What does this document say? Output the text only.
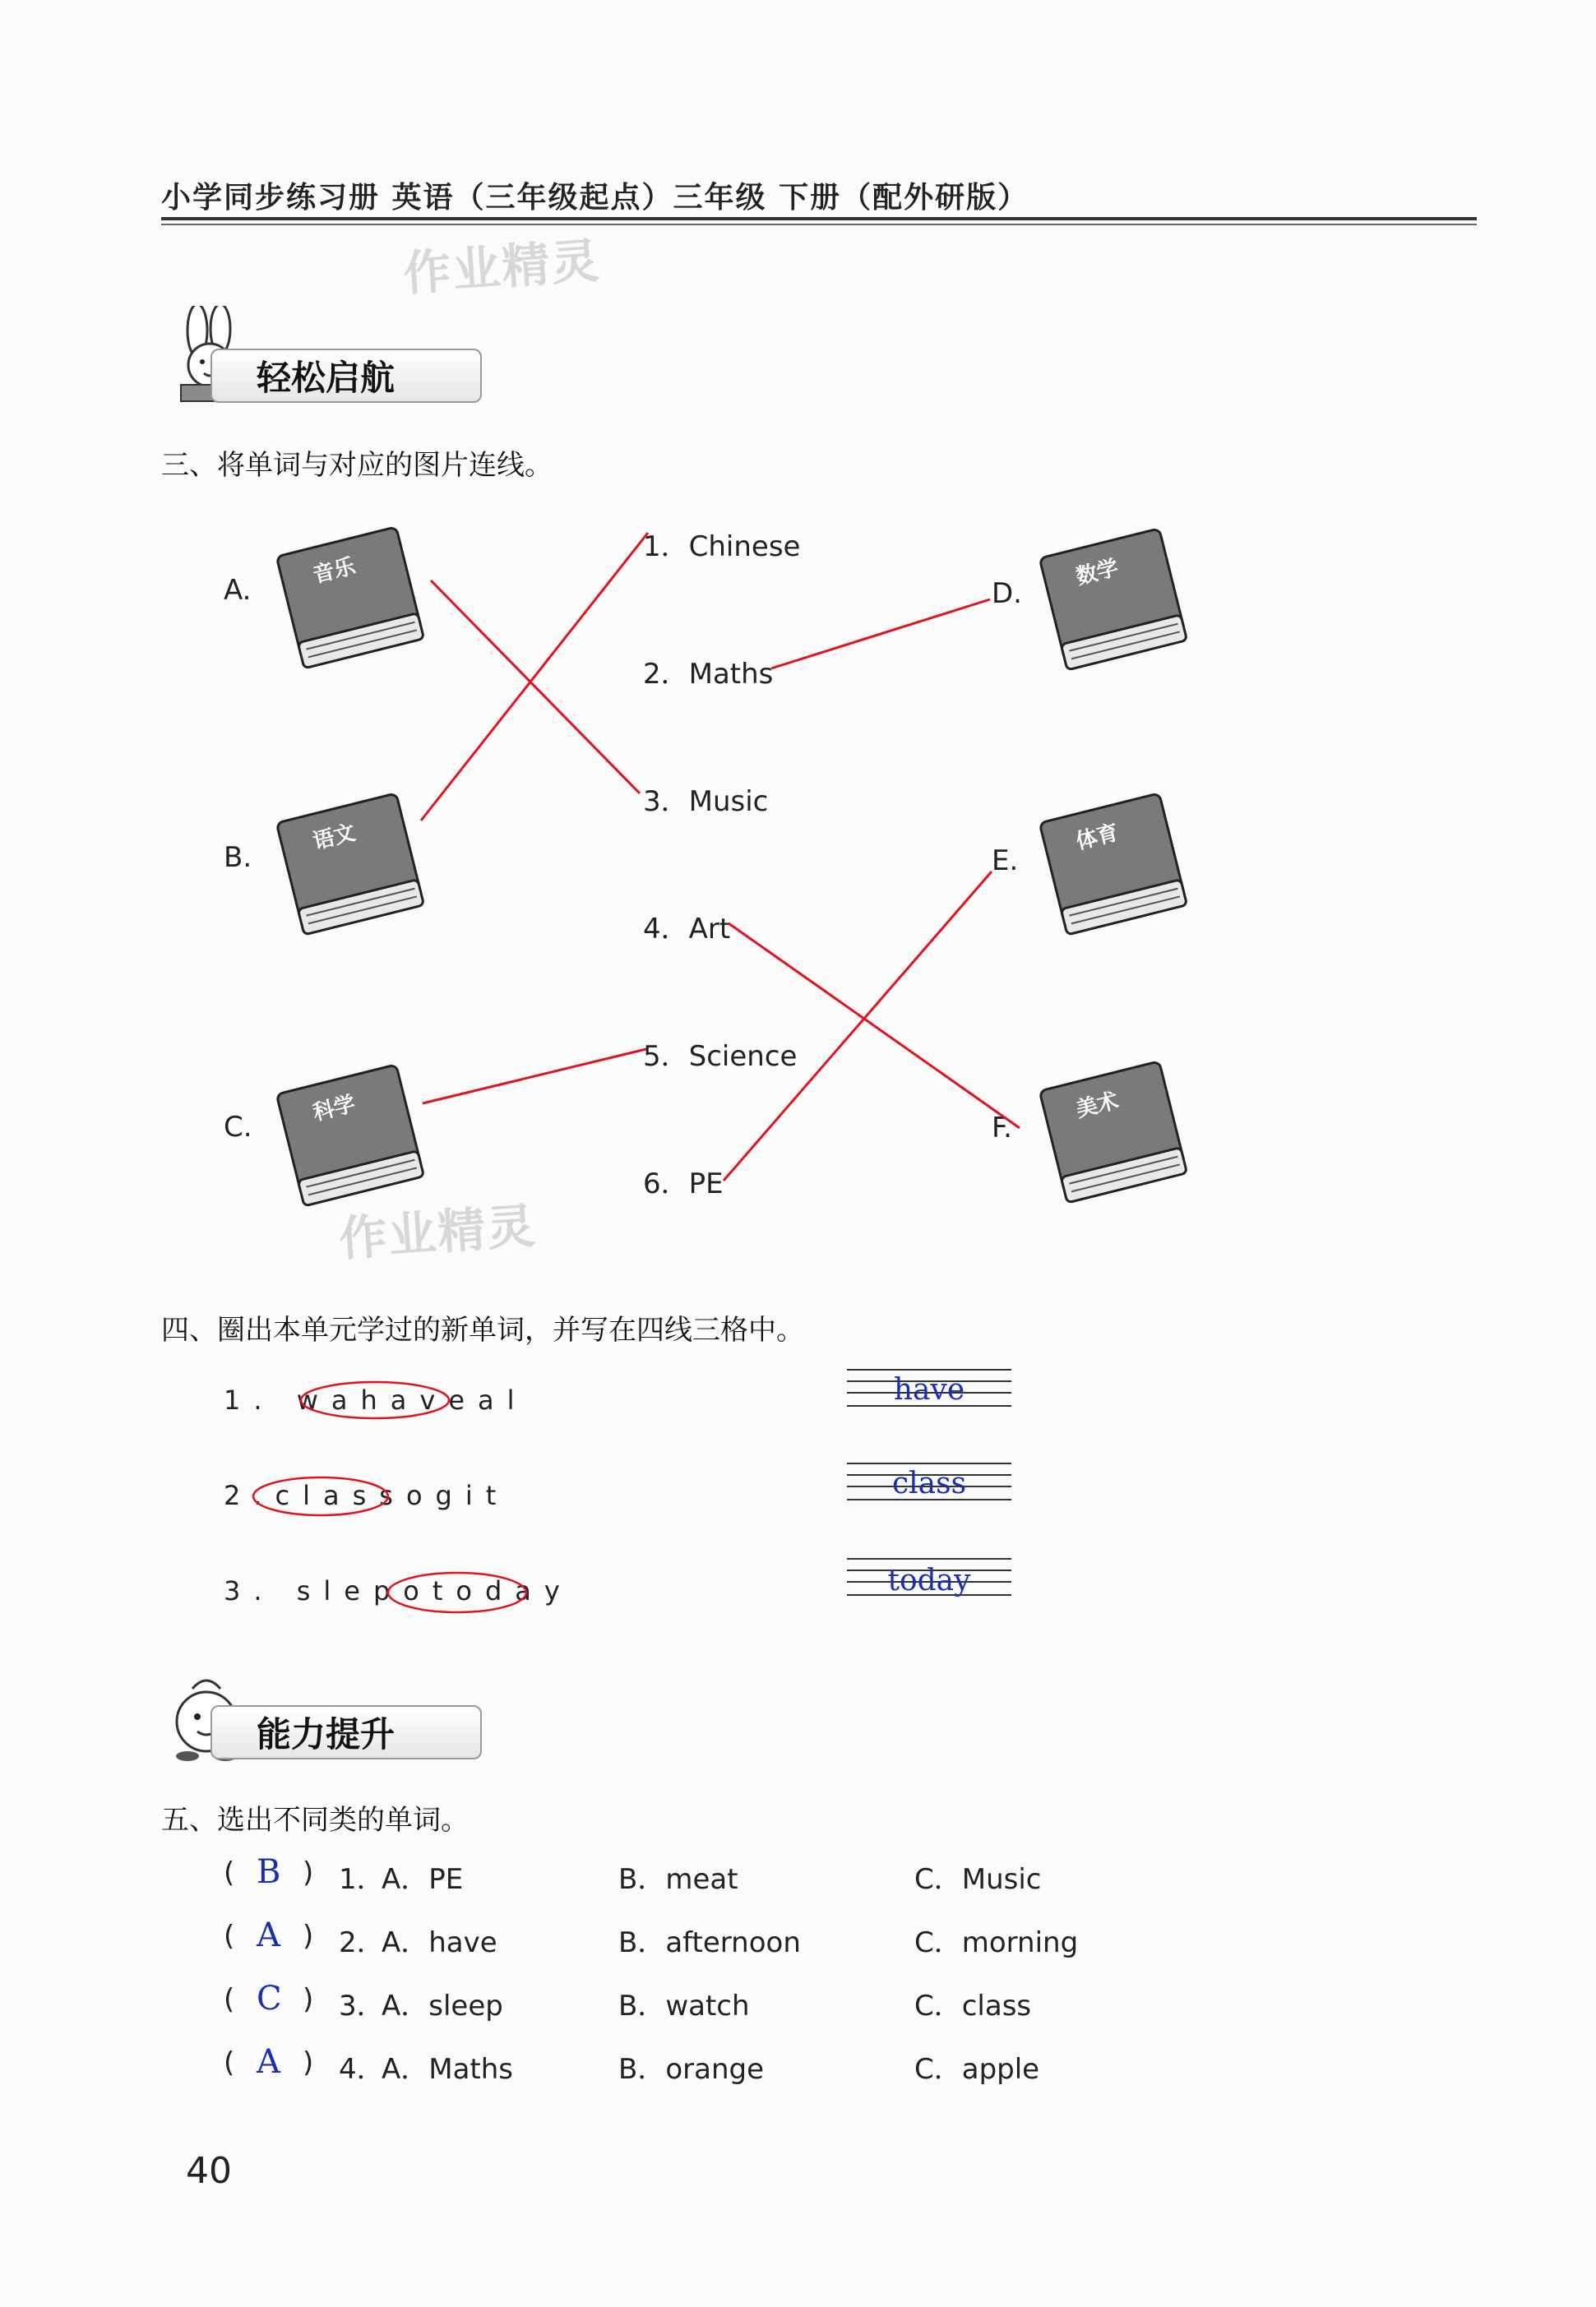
小学同步练习册 英语（三年级起点）三年级 下册（配外研版）
作业精灵
作业精灵
轻松启航
三、将单词与对应的图片连线。
A.
B.
C.
D.
E.
F.
音乐
语文
科学
数学
体育
美术
1．Chinese
2．Maths
3．Music
4．Art
5．Science
6．PE
四、圈出本单元学过的新单词，并写在四线三格中。
1. wahaveal
2.classogit
3. slepotoday
have
class
today
能力提升
五、选出不同类的单词。
( B ) 1．
A．PE	B．meat	C．Music
( A ) 2．
A．have	B．afternoon	C．morning
( C ) 3．
A．sleep	B．watch	C．class
( A ) 4．
A．Maths	B．orange	C．apple
40
